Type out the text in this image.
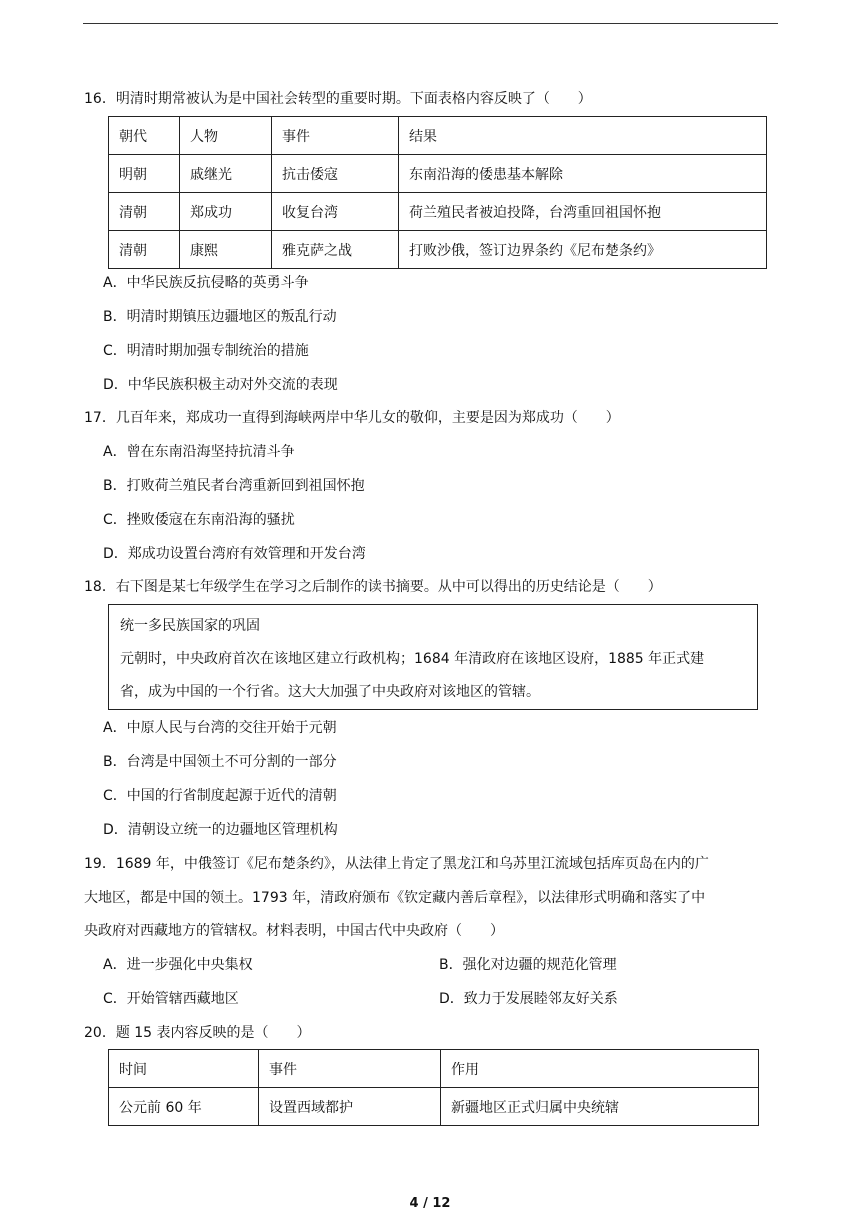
16．明清时期常被认为是中国社会转型的重要时期。下面表格内容反映了（　　）
朝代	人物	事件	结果
明朝	戚继光	抗击倭寇	东南沿海的倭患基本解除
清朝	郑成功	收复台湾	荷兰殖民者被迫投降，台湾重回祖国怀抱
清朝	康熙	雅克萨之战	打败沙俄，签订边界条约《尼布楚条约》
A．中华民族反抗侵略的英勇斗争
B．明清时期镇压边疆地区的叛乱行动
C．明清时期加强专制统治的措施
D．中华民族积极主动对外交流的表现
17．几百年来，郑成功一直得到海峡两岸中华儿女的敬仰，主要是因为郑成功（　　）
A．曾在东南沿海坚持抗清斗争
B．打败荷兰殖民者台湾重新回到祖国怀抱
C．挫败倭寇在东南沿海的骚扰
D．郑成功设置台湾府有效管理和开发台湾
18．右下图是某七年级学生在学习之后制作的读书摘要。从中可以得出的历史结论是（　　）
统一多民族国家的巩固
元朝时，中央政府首次在该地区建立行政机构；1684 年清政府在该地区设府，1885 年正式建
省，成为中国的一个行省。这大大加强了中央政府对该地区的管辖。
A．中原人民与台湾的交往开始于元朝
B．台湾是中国领土不可分割的一部分
C．中国的行省制度起源于近代的清朝
D．清朝设立统一的边疆地区管理机构
19．1689 年，中俄签订《尼布楚条约》，从法律上肯定了黑龙江和乌苏里江流域包括库页岛在内的广
大地区，都是中国的领土。1793 年，清政府颁布《钦定藏内善后章程》，以法律形式明确和落实了中
央政府对西藏地方的管辖权。材料表明，中国古代中央政府（　　）
A．进一步强化中央集权	B．强化对边疆的规范化管理
C．开始管辖西藏地区	D．致力于发展睦邻友好关系
20．题 15 表内容反映的是（　　）
时间	事件	作用
公元前 60 年	设置西域都护	新疆地区正式归属中央统辖
4 / 12
